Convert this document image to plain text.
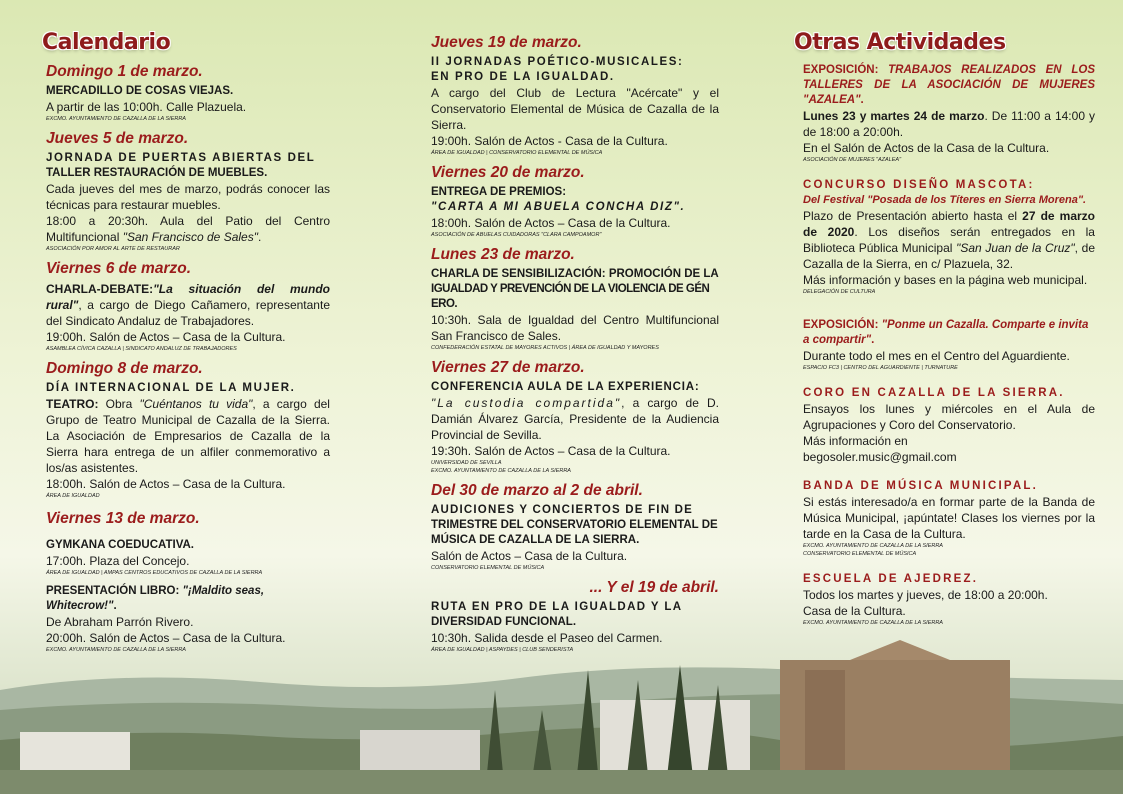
Calendario
Domingo 1 de marzo.
MERCADILLO DE COSAS VIEJAS.
A partir de las 10:00h. Calle Plazuela.
EXCMO. AYUNTAMIENTO DE CAZALLA DE LA SIERRA
Jueves 5 de marzo.
JORNADA DE PUERTAS ABIERTAS DEL
TALLER RESTAURACIÓN DE MUEBLES.
Cada jueves del mes de marzo, podrás conocer las técnicas para restaurar muebles.
18:00 a 20:30h. Aula del Patio del Centro Multifuncional "San Francisco de Sales".
ASOCIACIÓN POR AMOR AL ARTE DE RESTAURAR
Viernes 6 de marzo.
CHARLA-DEBATE:"La situación del mundo rural", a cargo de Diego Cañamero, representante del Sindicato Andaluz de Trabajadores.
19:00h. Salón de Actos – Casa de la Cultura.
ASAMBLEA CÍVICA CAZALLA | SINDICATO ANDALUZ DE TRABAJADORES
Domingo 8 de marzo.
DÍA INTERNACIONAL DE LA MUJER.
TEATRO: Obra "Cuéntanos tu vida", a cargo del Grupo de Teatro Municipal de Cazalla de la Sierra. La Asociación de Empresarios de Cazalla de la Sierra hara entrega de un alfiler conmemorativo a los/as asistentes.
18:00h. Salón de Actos – Casa de la Cultura.
ÁREA DE IGUALDAD
Viernes 13 de marzo.
GYMKANA COEDUCATIVA.
17:00h. Plaza del Concejo.
ÁREA DE IGUALDAD | AMPAS CENTROS EDUCATIVOS DE CAZALLA DE LA SIERRA
PRESENTACIÓN LIBRO: "¡Maldito seas, Whitecrow!".
De Abraham Parrón Rivero.
20:00h. Salón de Actos – Casa de la Cultura.
EXCMO. AYUNTAMIENTO DE CAZALLA DE LA SIERRA
Jueves 19 de marzo.
II JORNADAS POÉTICO-MUSICALES:
EN PRO DE LA IGUALDAD.
A cargo del Club de Lectura "Acércate" y el Conservatorio Elemental de Música de Cazalla de la Sierra.
19:00h. Salón de Actos - Casa de la Cultura.
ÁREA DE IGUALDAD | CONSERVATORIO ELEMENTAL DE MÚSICA
Viernes 20 de marzo.
ENTREGA DE PREMIOS:
"CARTA A MI ABUELA CONCHA DIZ".
18:00h. Salón de Actos – Casa de la Cultura.
ASOCIACIÓN DE ABUELAS CUIDADORAS "CLARA CAMPOAMOR"
Lunes 23 de marzo.
CHARLA DE SENSIBILIZACIÓN: PROMOCIÓN DE LA
IGUALDAD Y PREVENCIÓN DE LA VIOLENCIA DE GÉN ERO.
10:30h. Sala de Igualdad del Centro Multifuncional San Francisco de Sales.
CONFEDERACIÓN ESTATAL DE MAYORES ACTIVOS | ÁREA DE IGUALDAD Y MAYORES
Viernes 27 de marzo.
CONFERENCIA AULA DE LA EXPERIENCIA:
"La custodia compartida", a cargo de D. Damián Álvarez García, Presidente de la Audiencia Provincial de Sevilla.
19:30h. Salón de Actos – Casa de la Cultura.
UNIVERSIDAD DE SEVILLA
EXCMO. AYUNTAMIENTO DE CAZALLA DE LA SIERRA
Del 30 de marzo al 2 de abril.
AUDICIONES Y CONCIERTOS DE FIN DE
TRIMESTRE DEL CONSERVATORIO ELEMENTAL DE
MÚSICA DE CAZALLA DE LA SIERRA.
Salón de Actos – Casa de la Cultura.
CONSERVATORIO ELEMENTAL DE MÚSICA
... Y el 19 de abril.
RUTA EN PRO DE LA IGUALDAD Y LA
DIVERSIDAD FUNCIONAL.
10:30h. Salida desde el Paseo del Carmen.
ÁREA DE IGUALDAD | ASPAYDES | CLUB SENDERISTA
Otras Actividades
EXPOSICIÓN: TRABAJOS REALIZADOS EN LOS TALLERES DE LA ASOCIACIÓN DE MUJERES "AZALEA".
Lunes 23 y martes 24 de marzo. De 11:00 a 14:00 y de 18:00 a 20:00h.
En el Salón de Actos de la Casa de la Cultura.
ASOCIACIÓN DE MUJERES "AZALEA"
CONCURSO DISEÑO MASCOTA:
Del Festival "Posada de los Títeres en Sierra Morena".
Plazo de Presentación abierto hasta el 27 de marzo de 2020. Los diseños serán entregados en la Biblioteca Pública Municipal "San Juan de la Cruz", de Cazalla de la Sierra, en c/ Plazuela, 32.
Más información y bases en la página web municipal.
DELEGACIÓN DE CULTURA
EXPOSICIÓN: "Ponme un Cazalla. Comparte e invita a compartir".
Durante todo el mes en el Centro del Aguardiente.
ESPACIO FC3 | CENTRO DEL AGUARDIENTE | TURNATURE
CORO EN CAZALLA DE LA SIERRA.
Ensayos los lunes y miércoles en el Aula de Agrupaciones y Coro del Conservatorio.
Más información en
begosoler.music@gmail.com
BANDA DE MÚSICA MUNICIPAL.
Si estás interesado/a en formar parte de la Banda de Música Municipal, ¡apúntate! Clases los viernes por la tarde en la Casa de la Cultura.
EXCMO. AYUNTAMIENTO DE CAZALLA DE LA SIERRA
CONSERVATORIO ELEMENTAL DE MÚSICA
ESCUELA DE AJEDREZ.
Todos los martes y jueves, de 18:00 a 20:00h.
Casa de la Cultura.
EXCMO. AYUNTAMIENTO DE CAZALLA DE LA SIERRA
